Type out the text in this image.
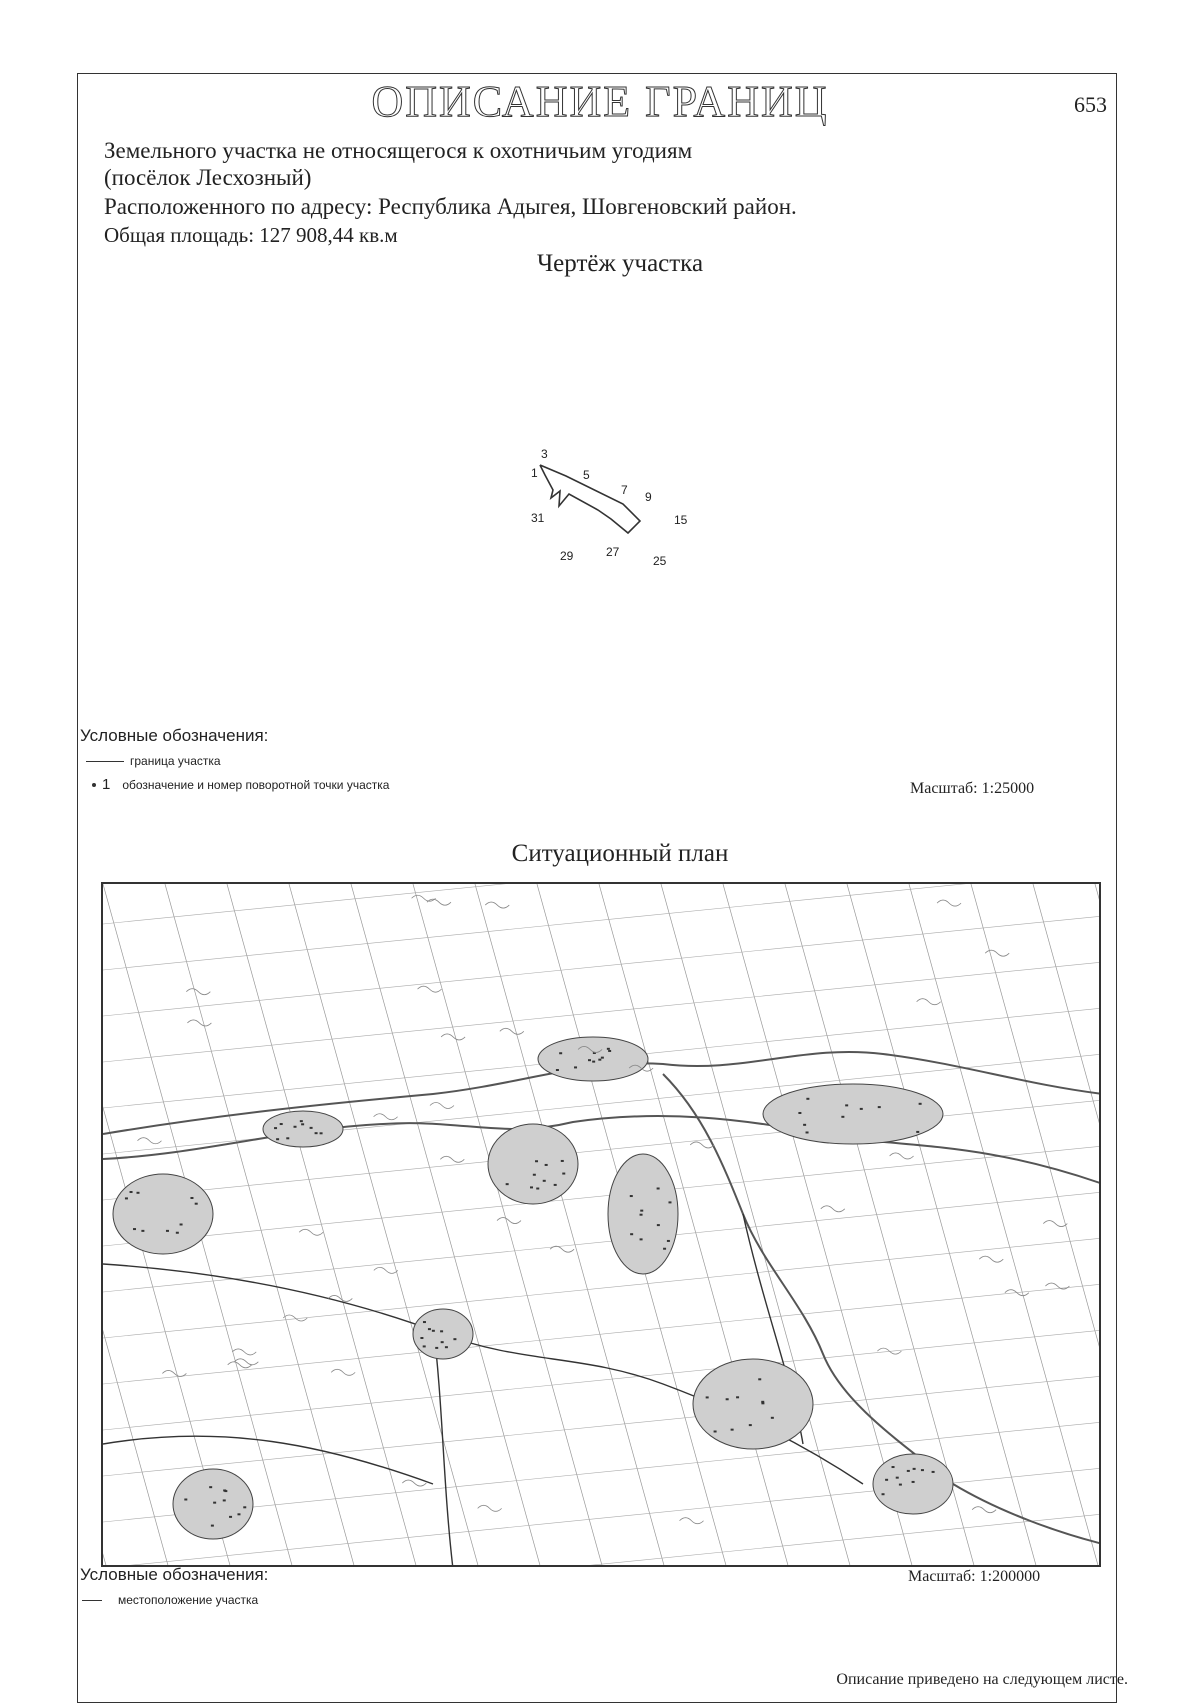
ОПИСАНИЕ ГРАНИЦ	653
Земельного участка не относящегося к охотничьим угодиям
(посёлок Лесхозный)
Расположенного по адресу: Республика Адыгея, Шовгеновский район.
Общая площадь: 127 908,44 кв.м
Чертёж участка
1
3
5
7 9
15
25
27
29
31
Условные обозначения:
граница участка
1 обозначение и номер поворотной точки участка	Масштаб: 1:25000
Ситуационный план
Условные обозначения:
местоположение участка
Масштаб: 1:200000
Описание приведено на следующем листе.
